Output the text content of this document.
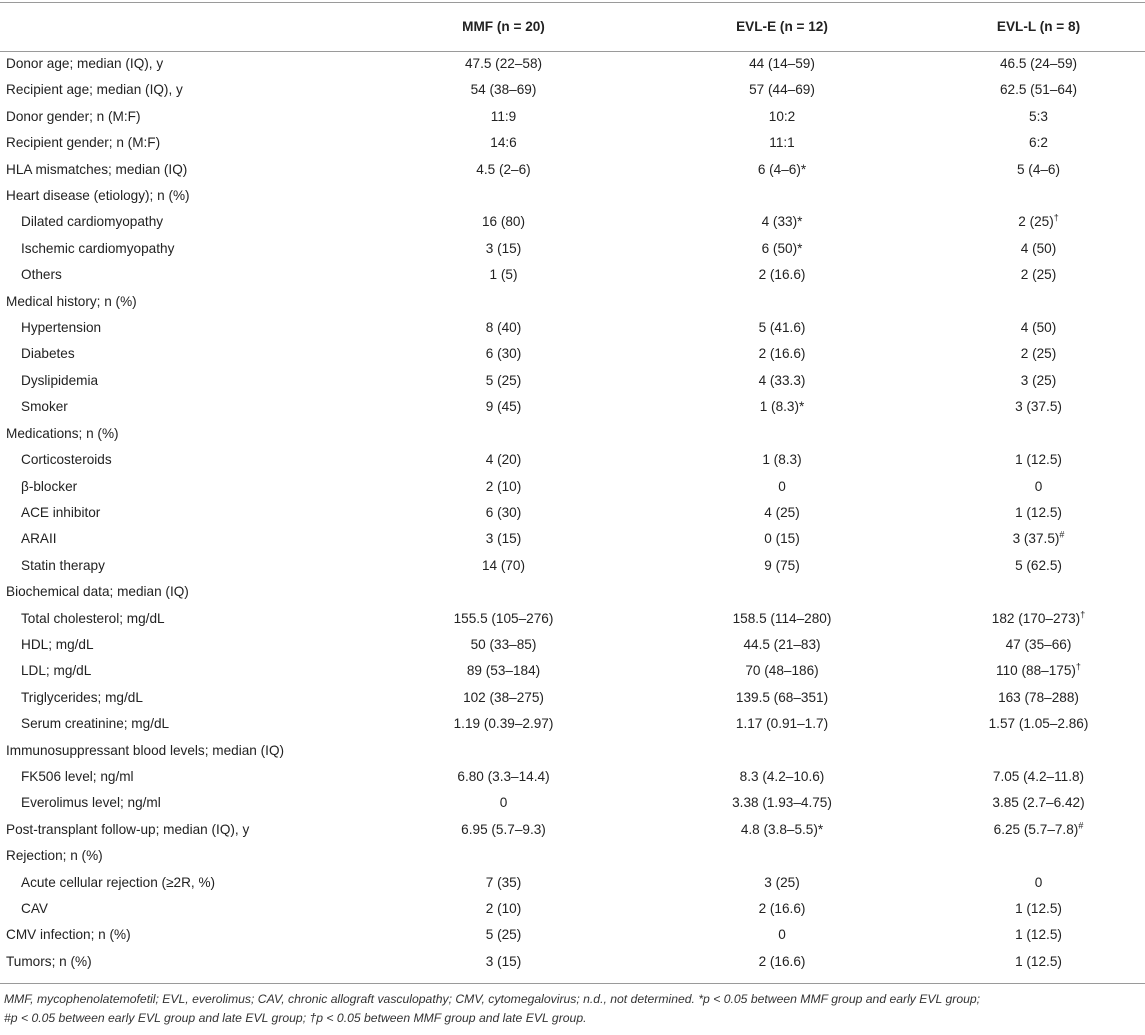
	MMF (n = 20)	EVL-E (n = 12)	EVL-L (n = 8)
Donor age; median (IQ), y	47.5 (22–58)	44 (14–59)	46.5 (24–59)
Recipient age; median (IQ), y	54 (38–69)	57 (44–69)	62.5 (51–64)
Donor gender; n (M:F)	11:9	10:2	5:3
Recipient gender; n (M:F)	14:6	11:1	6:2
HLA mismatches; median (IQ)	4.5 (2–6)	6 (4–6)*	5 (4–6)
Heart disease (etiology); n (%)			
Dilated cardiomyopathy	16 (80)	4 (33)*	2 (25)†
Ischemic cardiomyopathy	3 (15)	6 (50)*	4 (50)
Others	1 (5)	2 (16.6)	2 (25)
Medical history; n (%)			
Hypertension	8 (40)	5 (41.6)	4 (50)
Diabetes	6 (30)	2 (16.6)	2 (25)
Dyslipidemia	5 (25)	4 (33.3)	3 (25)
Smoker	9 (45)	1 (8.3)*	3 (37.5)
Medications; n (%)			
Corticosteroids	4 (20)	1 (8.3)	1 (12.5)
β-blocker	2 (10)	0	0
ACE inhibitor	6 (30)	4 (25)	1 (12.5)
ARAII	3 (15)	0 (15)	3 (37.5)#
Statin therapy	14 (70)	9 (75)	5 (62.5)
Biochemical data; median (IQ)			
Total cholesterol; mg/dL	155.5 (105–276)	158.5 (114–280)	182 (170–273)†
HDL; mg/dL	50 (33–85)	44.5 (21–83)	47 (35–66)
LDL; mg/dL	89 (53–184)	70 (48–186)	110 (88–175)†
Triglycerides; mg/dL	102 (38–275)	139.5 (68–351)	163 (78–288)
Serum creatinine; mg/dL	1.19 (0.39–2.97)	1.17 (0.91–1.7)	1.57 (1.05–2.86)
Immunosuppressant blood levels; median (IQ)			
FK506 level; ng/ml	6.80 (3.3–14.4)	8.3 (4.2–10.6)	7.05 (4.2–11.8)
Everolimus level; ng/ml	0	3.38 (1.93–4.75)	3.85 (2.7–6.42)
Post-transplant follow-up; median (IQ), y	6.95 (5.7–9.3)	4.8 (3.8–5.5)*	6.25 (5.7–7.8)#
Rejection; n (%)			
Acute cellular rejection (≥2R, %)	7 (35)	3 (25)	0
CAV	2 (10)	2 (16.6)	1 (12.5)
CMV infection; n (%)	5 (25)	0	1 (12.5)
Tumors; n (%)	3 (15)	2 (16.6)	1 (12.5)
MMF, mycophenolatemofetil; EVL, everolimus; CAV, chronic allograft vasculopathy; CMV, cytomegalovirus; n.d., not determined. *p < 0.05 between MMF group and early EVL group;
#p < 0.05 between early EVL group and late EVL group; †p < 0.05 between MMF group and late EVL group.
